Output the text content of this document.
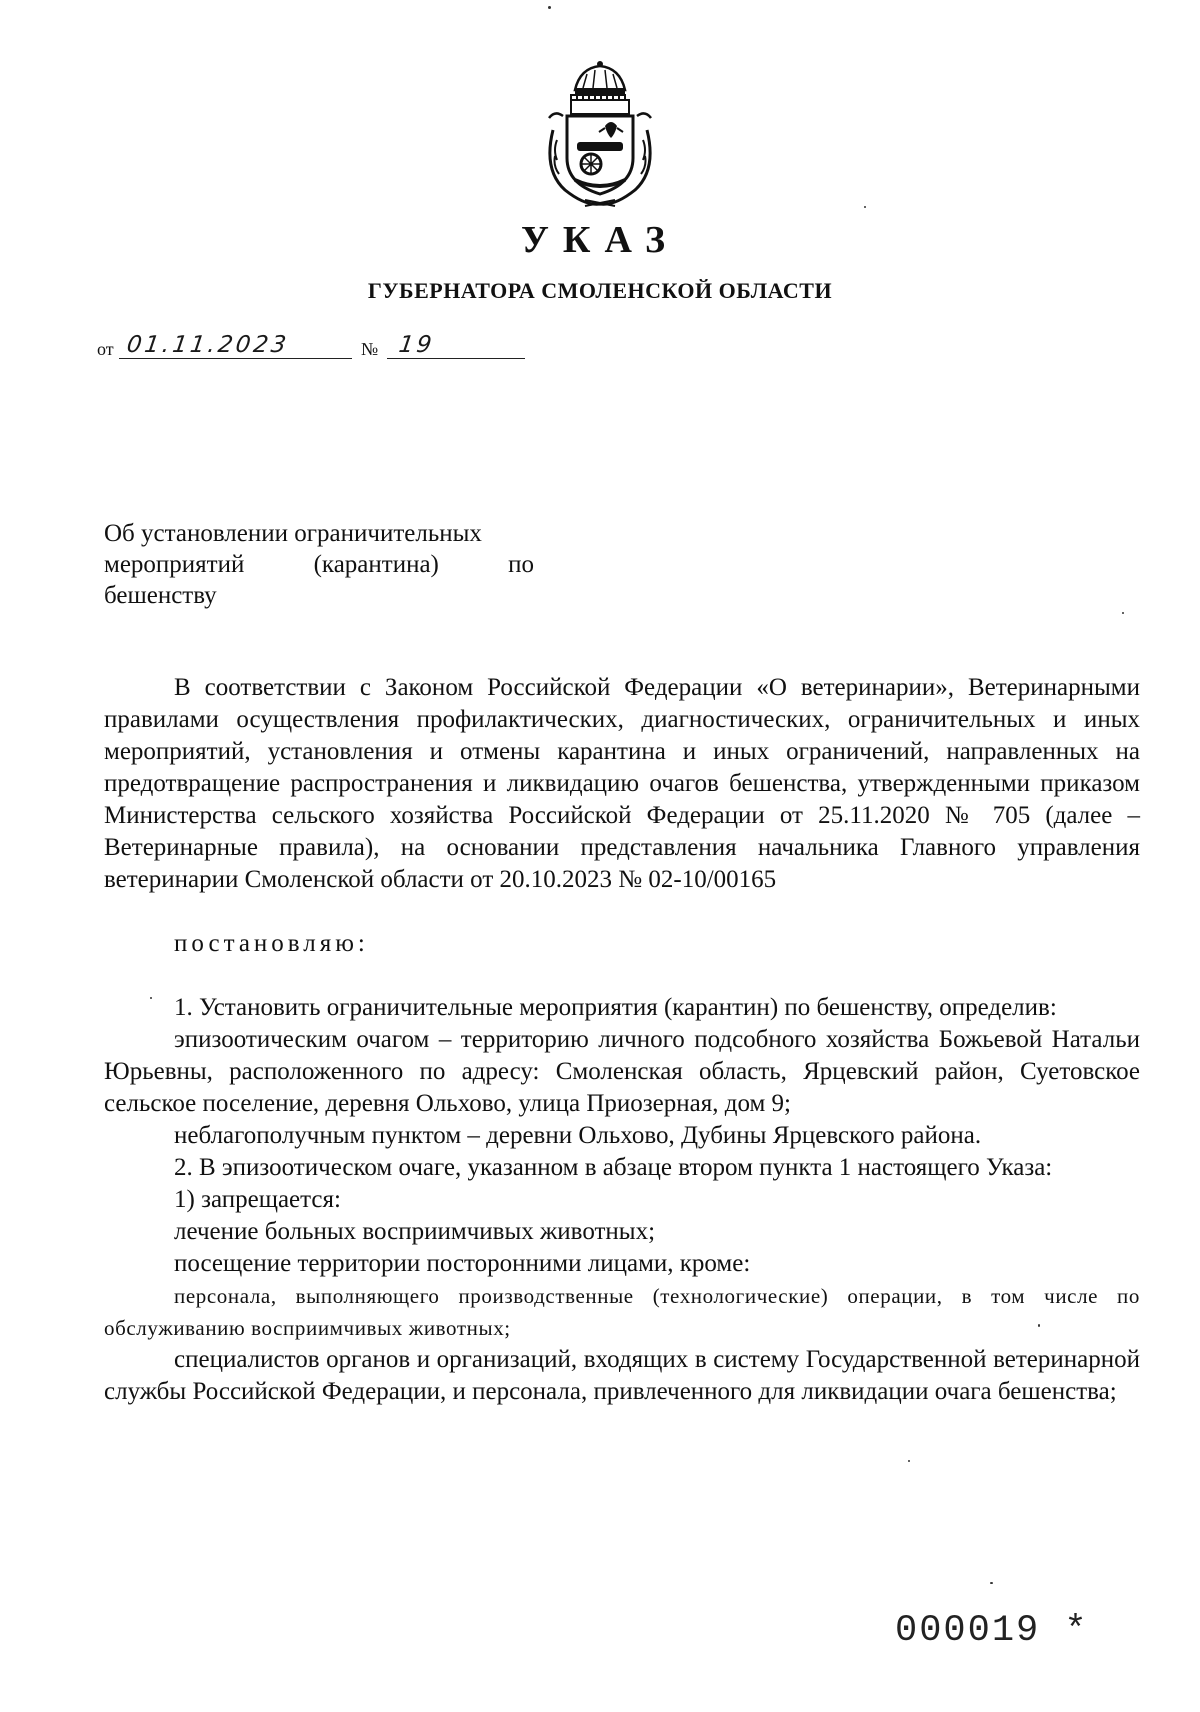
УКАЗ
ГУБЕРНАТОРА СМОЛЕНСКОЙ ОБЛАСТИ
от 01.11.2023	№ 19
Об установлении ограничительных
мероприятий (карантина) по
бешенству

В соответствии с Законом Российской Федерации «О ветеринарии», Ветеринарными правилами осуществления профилактических, диагностических, ограничительных и иных мероприятий, установления и отмены карантина и иных ограничений, направленных на предотвращение распространения и ликвидацию очагов бешенства, утвержденными приказом Министерства сельского хозяйства Российской Федерации от 25.11.2020 № 705 (далее – Ветеринарные правила), на основании представления начальника Главного управления ветеринарии Смоленской области от 20.10.2023 № 02-10/00165

постановляю:

1. Установить ограничительные мероприятия (карантин) по бешенству, определив:

эпизоотическим очагом – территорию личного подсобного хозяйства Божьевой Натальи Юрьевны, расположенного по адресу: Смоленская область, Ярцевский район, Суетовское сельское поселение, деревня Ольхово, улица Приозерная, дом 9;

неблагополучным пунктом – деревни Ольхово, Дубины Ярцевского района.

2. В эпизоотическом очаге, указанном в абзаце втором пункта 1 настоящего Указа:

1) запрещается:

лечение больных восприимчивых животных;

посещение территории посторонними лицами, кроме:

персонала, выполняющего производственные (технологические) операции, в том числе по обслуживанию восприимчивых животных;

специалистов органов и организаций, входящих в систему Государственной ветеринарной службы Российской Федерации, и персонала, привлеченного для ликвидации очага бешенства;

000019 *
